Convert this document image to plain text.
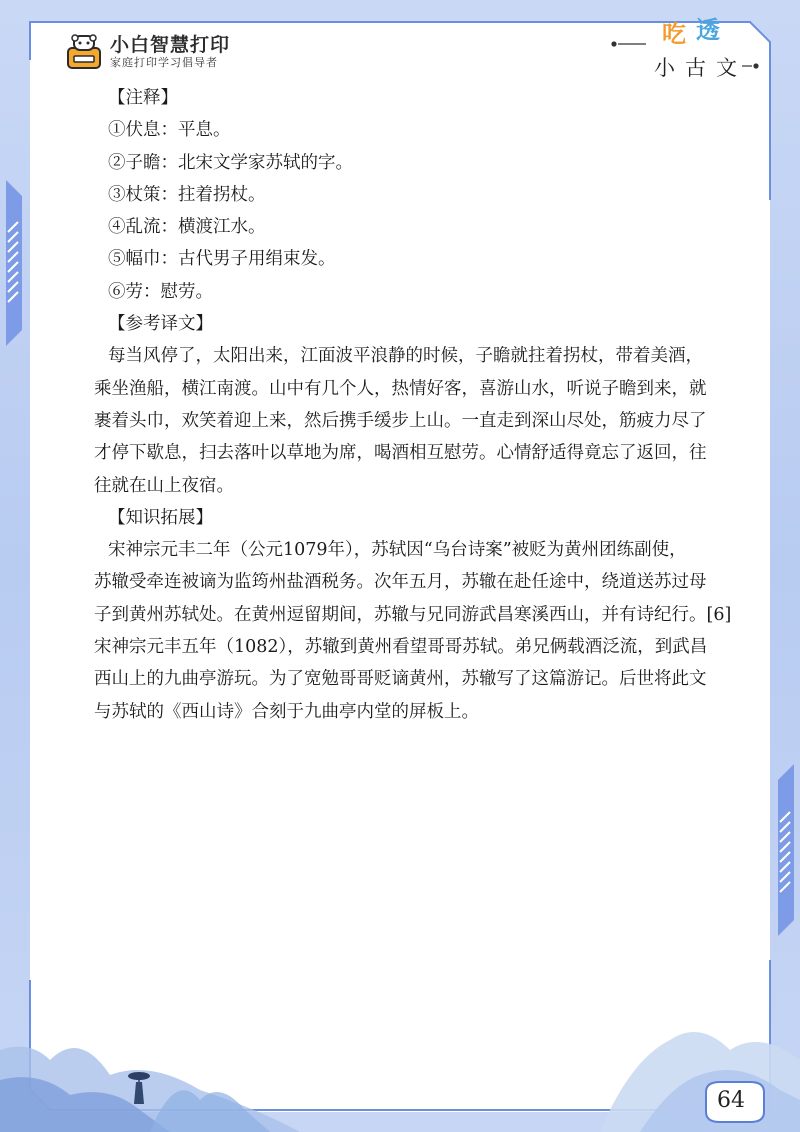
小白智慧打印
家庭打印学习倡导者
吃 透
小古文
【注释】
①伏息：平息。
②子瞻：北宋文学家苏轼的字。
③杖策：拄着拐杖。
④乱流：横渡江水。
⑤幅巾：古代男子用绢束发。
⑥劳：慰劳。
【参考译文】
每当风停了，太阳出来，江面波平浪静的时候，子瞻就拄着拐杖，带着美酒，
乘坐渔船，横江南渡。山中有几个人，热情好客，喜游山水，听说子瞻到来，就
裹着头巾，欢笑着迎上来，然后携手缓步上山。一直走到深山尽处，筋疲力尽了
才停下歇息，扫去落叶以草地为席，喝酒相互慰劳。心情舒适得竟忘了返回，往
往就在山上夜宿。
【知识拓展】
宋神宗元丰二年（公元1079年），苏轼因“乌台诗案”被贬为黄州团练副使，
苏辙受牵连被谪为监筠州盐酒税务。次年五月，苏辙在赴任途中，绕道送苏过母
子到黄州苏轼处。在黄州逗留期间，苏辙与兄同游武昌寒溪西山，并有诗纪行。[6]
宋神宗元丰五年（1082），苏辙到黄州看望哥哥苏轼。弟兄俩载酒泛流，到武昌
西山上的九曲亭游玩。为了宽勉哥哥贬谪黄州，苏辙写了这篇游记。后世将此文
与苏轼的《西山诗》合刻于九曲亭内堂的屏板上。
64
